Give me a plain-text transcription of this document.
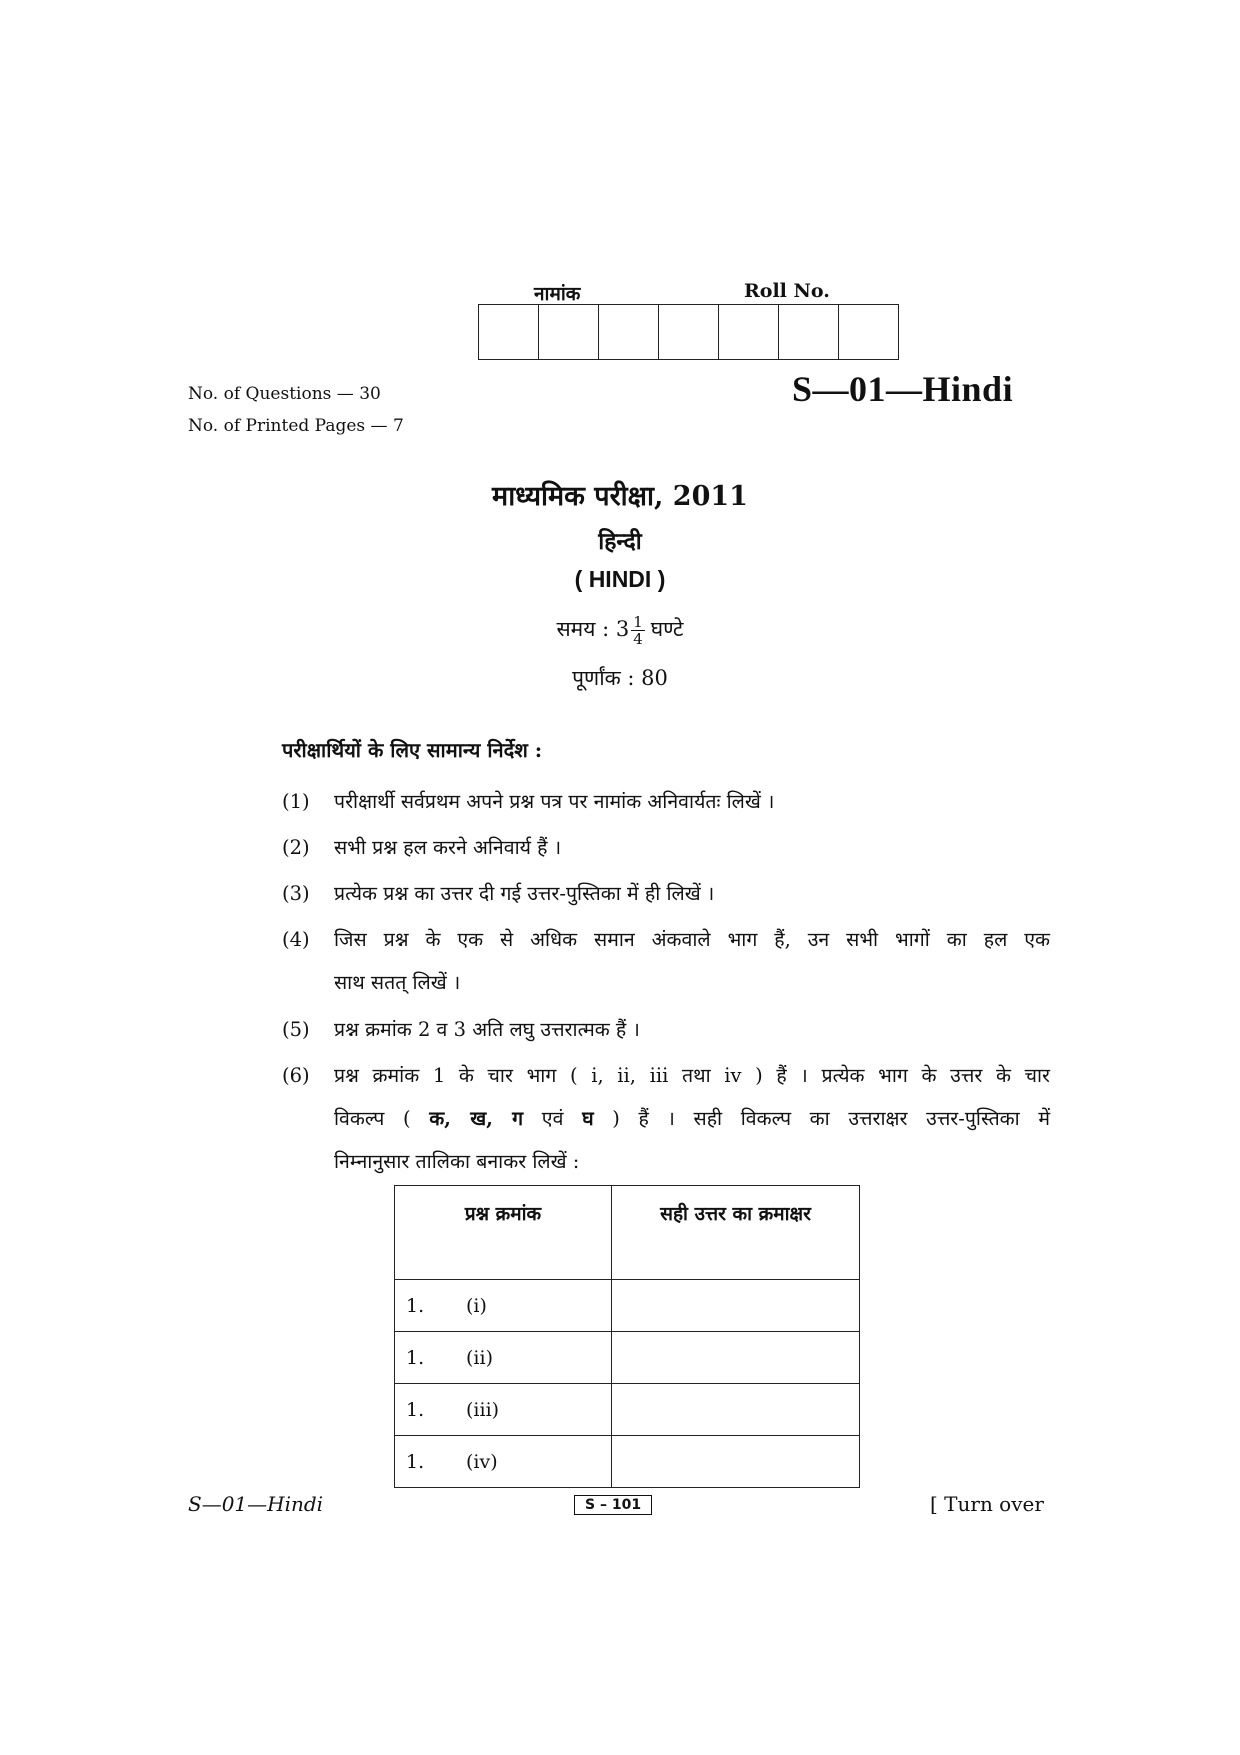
नामांक	Roll No.
No. of Questions — 30
No. of Printed Pages — 7
S—01—Hindi
माध्यमिक परीक्षा, 2011
हिन्दी
( HINDI )
समय : $3 \frac{1}{4}$ घण्टे
पूर्णांक : 80
परीक्षार्थियों के लिए सामान्य निर्देश :
(1)	परीक्षार्थी सर्वप्रथम अपने प्रश्न पत्र पर नामांक अनिवार्यतः लिखें ।
(2)	सभी प्रश्न हल करने अनिवार्य हैं ।
(3)	प्रत्येक प्रश्न का उत्तर दी गई उत्तर-पुस्तिका में ही लिखें ।
(4)	जिस प्रश्न के एक से अधिक समान अंकवाले भाग हैं, उन सभी भागों का हल एक
साथ सतत् लिखें ।
(5)	प्रश्न क्रमांक 2 व 3 अति लघु उत्तरात्मक हैं ।
(6)	प्रश्न क्रमांक 1 के चार भाग ( i, ii, iii तथा iv ) हैं । प्रत्येक भाग के उत्तर के चार
विकल्प ( क, ख, ग एवं घ ) हैं । सही विकल्प का उत्तराक्षर उत्तर-पुस्तिका में
निम्नानुसार तालिका बनाकर लिखें :
प्रश्न क्रमांक	सही उत्तर का क्रमाक्षर
1. (i)	
1. (ii)	
1. (iii)	
1. (iv)	
S—01—Hindi	S – 101	[ Turn over
